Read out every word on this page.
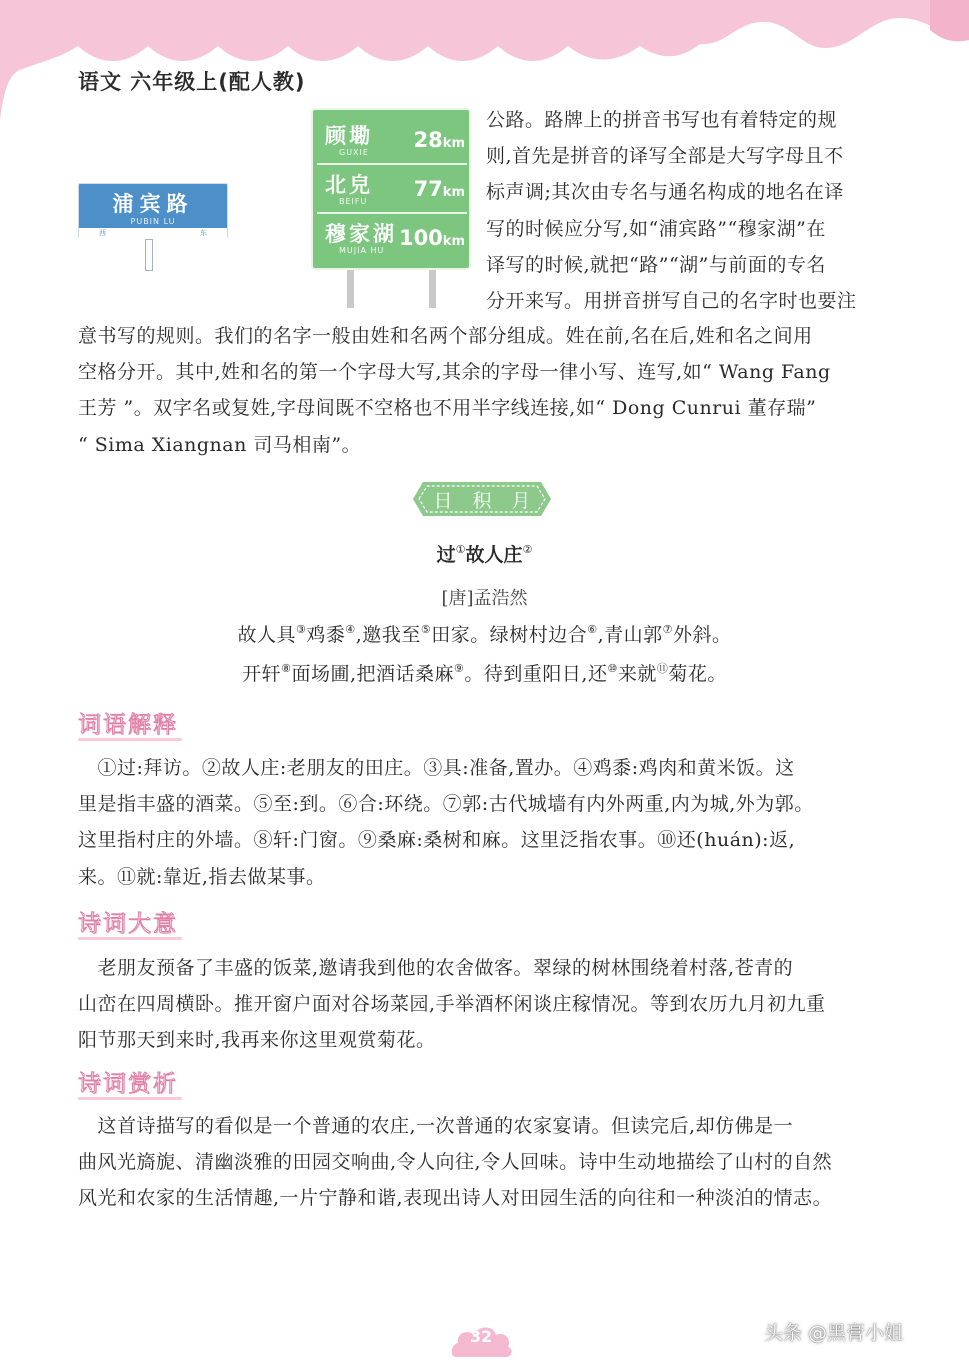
语文 六年级上(配人教)
浦宾路
PUBIN LU
西	东
顾墈
GUXIE
28km
北皃
BEIFU
77km
穆家湖
MUJIA HU
100km
公路。路牌上的拼音书写也有着特定的规
则,首先是拼音的译写全部是大写字母且不
标声调;其次由专名与通名构成的地名在译
写的时候应分写,如“浦宾路”“穆家湖”在
译写的时候,就把“路”“湖”与前面的专名
分开来写。用拼音拼写自己的名字时也要注
意书写的规则。我们的名字一般由姓和名两个部分组成。姓在前,名在后,姓和名之间用
空格分开。其中,姓和名的第一个字母大写,其余的字母一律小写、连写,如“ Wang Fang
王芳 ”。双字名或复姓,字母间既不空格也不用半字线连接,如“ Dong Cunrui 董存瑞”
“ Sima Xiangnan 司马相南”。
日积月累
过①故人庄②
[唐]孟浩然
故人具③鸡黍④,邀我至⑤田家。绿树村边合⑥,青山郭⑦外斜。
开轩⑧面场圃,把酒话桑麻⑨。待到重阳日,还⑩来就⑪菊花。
词语解释
　①过:拜访。②故人庄:老朋友的田庄。③具:准备,置办。④鸡黍:鸡肉和黄米饭。这
里是指丰盛的酒菜。⑤至:到。⑥合:环绕。⑦郭:古代城墙有内外两重,内为城,外为郭。
这里指村庄的外墙。⑧轩:门窗。⑨桑麻:桑树和麻。这里泛指农事。⑩还(huán):返,
来。⑪就:靠近,指去做某事。
诗词大意
　老朋友预备了丰盛的饭菜,邀请我到他的农舍做客。翠绿的树林围绕着村落,苍青的
山峦在四周横卧。推开窗户面对谷场菜园,手举酒杯闲谈庄稼情况。等到农历九月初九重
阳节那天到来时,我再来你这里观赏菊花。
诗词赏析
　这首诗描写的看似是一个普通的农庄,一次普通的农家宴请。但读完后,却仿佛是一
曲风光旖旎、清幽淡雅的田园交响曲,令人向往,令人回味。诗中生动地描绘了山村的自然
风光和农家的生活情趣,一片宁静和谐,表现出诗人对田园生活的向往和一种淡泊的情志。
32	头条 @黑膏小姐
